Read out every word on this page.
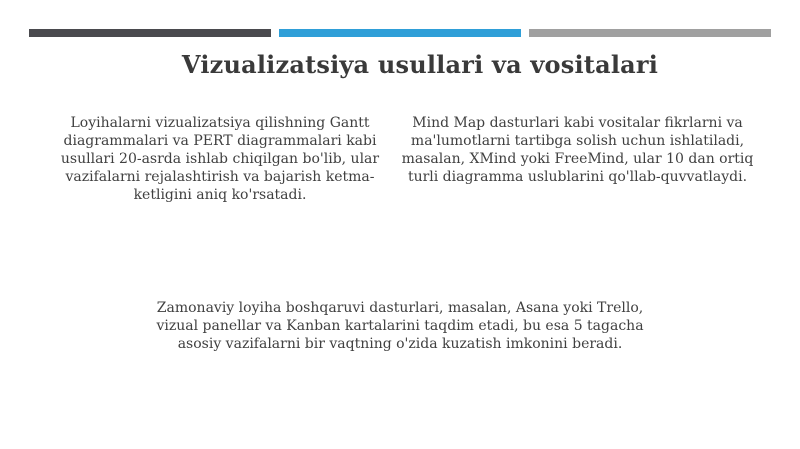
Vizualizatsiya usullari va vositalari
Loyihalarni vizualizatsiya qilishning Gantt diagrammalari va PERT diagrammalari kabi usullari 20-asrda ishlab chiqilgan bo'lib, ular vazifalarni rejalashtirish va bajarish ketma-ketligini aniq ko'rsatadi.
Mind Map dasturlari kabi vositalar fikrlarni va ma'lumotlarni tartibga solish uchun ishlatiladi, masalan, XMind yoki FreeMind, ular 10 dan ortiq turli diagramma uslublarini qo'llab-quvvatlaydi.
Zamonaviy loyiha boshqaruvi dasturlari, masalan, Asana yoki Trello, vizual panellar va Kanban kartalarini taqdim etadi, bu esa 5 tagacha asosiy vazifalarni bir vaqtning o'zida kuzatish imkonini beradi.
